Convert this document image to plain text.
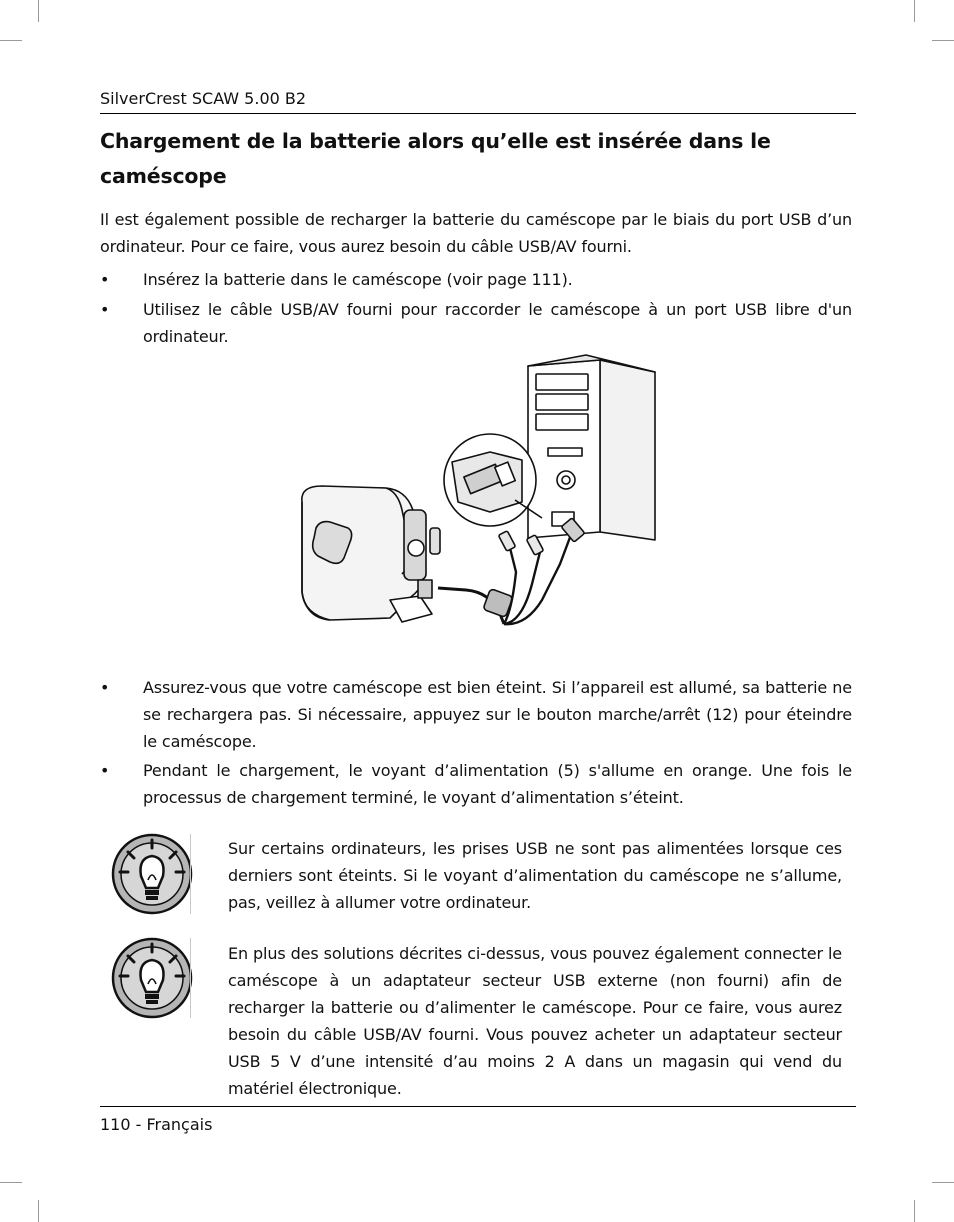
SilverCrest SCAW 5.00 B2
Chargement de la batterie alors qu’elle est insérée dans le caméscope

Il est également possible de recharger la batterie du caméscope par le biais du port USB d’un ordinateur. Pour ce faire, vous aurez besoin du câble USB/AV fourni.

• Insérez la batterie dans le caméscope (voir page 111).
• Utilisez le câble USB/AV fourni pour raccorder le caméscope à un port USB libre d'un ordinateur.
• Assurez-vous que votre caméscope est bien éteint. Si l’appareil est allumé, sa batterie ne se rechargera pas. Si nécessaire, appuyez sur le bouton marche/arrêt (12) pour éteindre le caméscope.
• Pendant le chargement, le voyant d’alimentation (5) s'allume en orange. Une fois le processus de chargement terminé, le voyant d’alimentation s’éteint.

Sur certains ordinateurs, les prises USB ne sont pas alimentées lorsque ces derniers sont éteints. Si le voyant d’alimentation du caméscope ne s’allume, pas, veillez à allumer votre ordinateur.

En plus des solutions décrites ci-dessus, vous pouvez également connecter le caméscope à un adaptateur secteur USB externe (non fourni) afin de recharger la batterie ou d’alimenter le caméscope. Pour ce faire, vous aurez besoin du câble USB/AV fourni. Vous pouvez acheter un adaptateur secteur USB 5 V d’une intensité d’au moins 2 A dans un magasin qui vend du matériel électronique.

110 - Français
